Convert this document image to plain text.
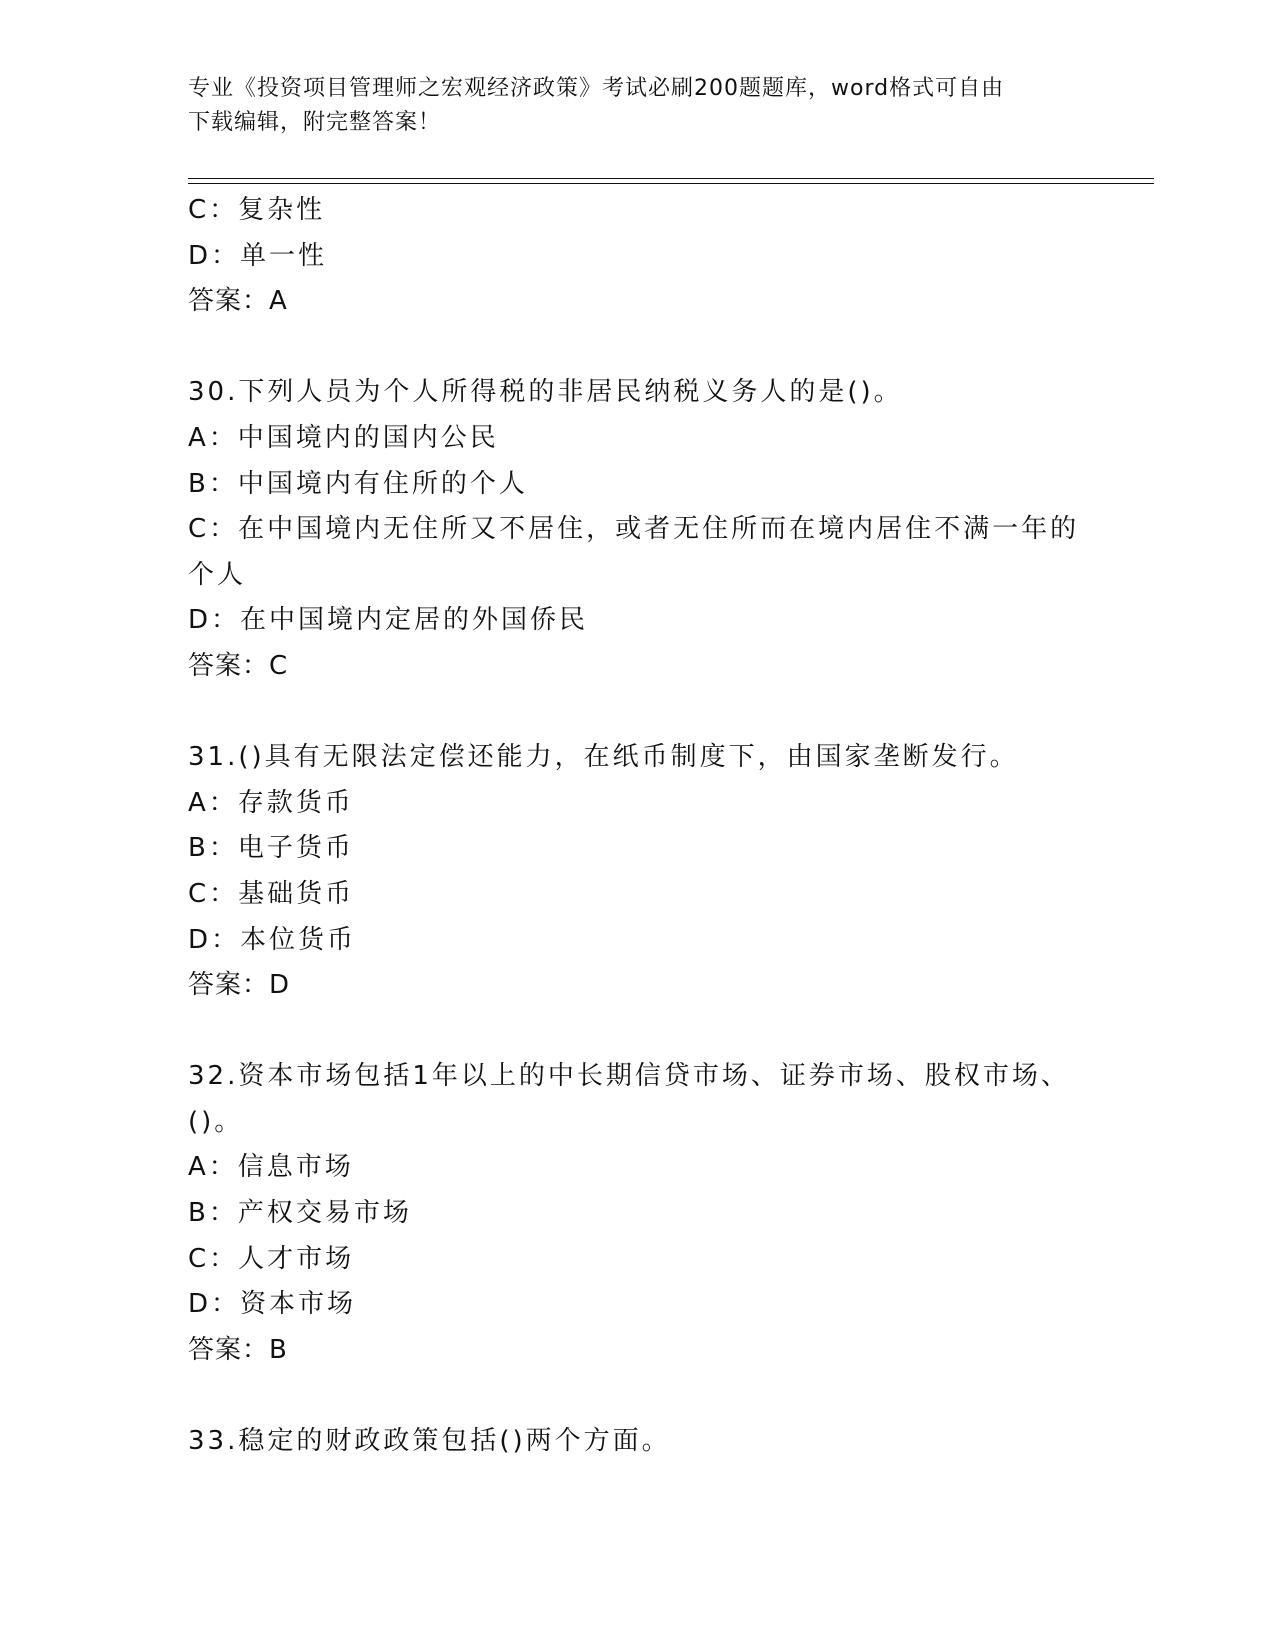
专业《投资项目管理师之宏观经济政策》考试必刷200题题库，word格式可自由
下载编辑，附完整答案！
C：复杂性
D：单一性
答案：A
30.下列人员为个人所得税的非居民纳税义务人的是()。
A：中国境内的国内公民
B：中国境内有住所的个人
C：在中国境内无住所又不居住，或者无住所而在境内居住不满一年的个人
D：在中国境内定居的外国侨民
答案：C
31.()具有无限法定偿还能力，在纸币制度下，由国家垄断发行。
A：存款货币
B：电子货币
C：基础货币
D：本位货币
答案：D
32.资本市场包括1年以上的中长期信贷市场、证券市场、股权市场、()。
A：信息市场
B：产权交易市场
C：人才市场
D：资本市场
答案：B
33.稳定的财政政策包括()两个方面。
